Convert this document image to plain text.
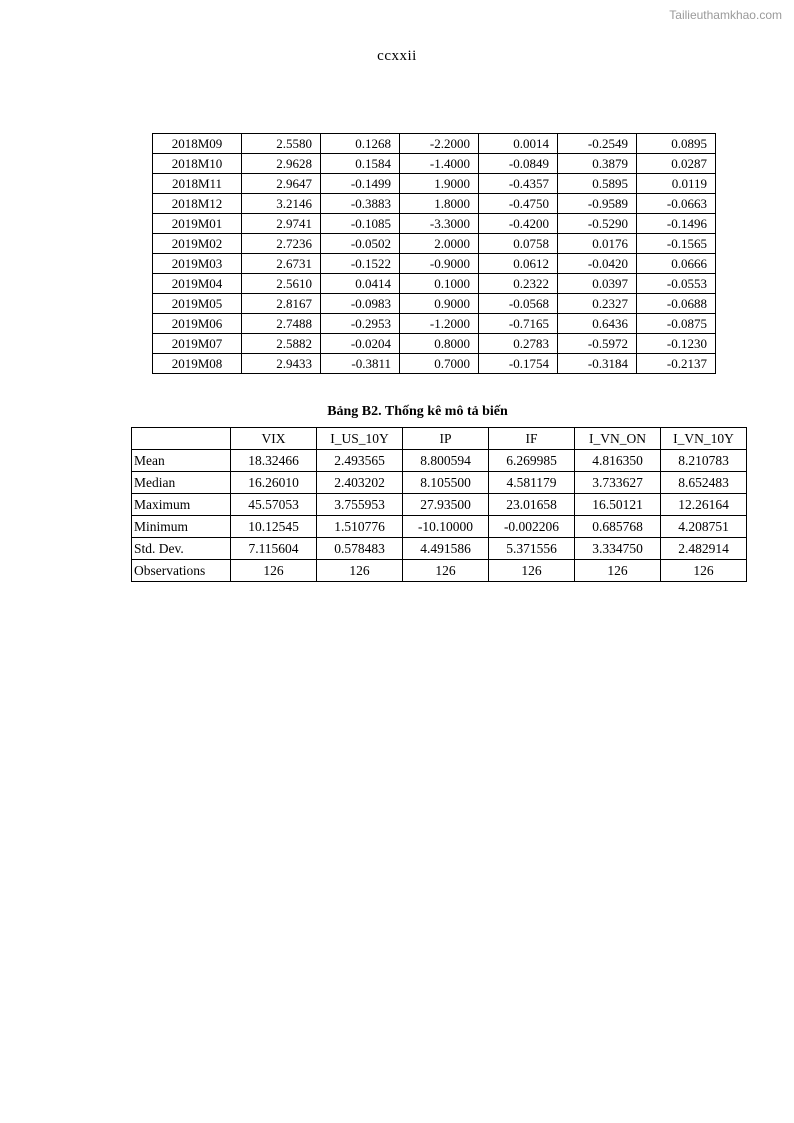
Tailieuthamkhao.com
ccxxii
2018M09	2.5580	0.1268	-2.2000	0.0014	-0.2549	0.0895
2018M10	2.9628	0.1584	-1.4000	-0.0849	0.3879	0.0287
2018M11	2.9647	-0.1499	1.9000	-0.4357	0.5895	0.0119
2018M12	3.2146	-0.3883	1.8000	-0.4750	-0.9589	-0.0663
2019M01	2.9741	-0.1085	-3.3000	-0.4200	-0.5290	-0.1496
2019M02	2.7236	-0.0502	2.0000	0.0758	0.0176	-0.1565
2019M03	2.6731	-0.1522	-0.9000	0.0612	-0.0420	0.0666
2019M04	2.5610	0.0414	0.1000	0.2322	0.0397	-0.0553
2019M05	2.8167	-0.0983	0.9000	-0.0568	0.2327	-0.0688
2019M06	2.7488	-0.2953	-1.2000	-0.7165	0.6436	-0.0875
2019M07	2.5882	-0.0204	0.8000	0.2783	-0.5972	-0.1230
2019M08	2.9433	-0.3811	0.7000	-0.1754	-0.3184	-0.2137
Bảng B2. Thống kê mô tả biến
	VIX	I_US_10Y	IP	IF	I_VN_ON	I_VN_10Y
Mean	18.32466	2.493565	8.800594	6.269985	4.816350	8.210783
Median	16.26010	2.403202	8.105500	4.581179	3.733627	8.652483
Maximum	45.57053	3.755953	27.93500	23.01658	16.50121	12.26164
Minimum	10.12545	1.510776	-10.10000	-0.002206	0.685768	4.208751
Std. Dev.	7.115604	0.578483	4.491586	5.371556	3.334750	2.482914
Observations	126	126	126	126	126	126
